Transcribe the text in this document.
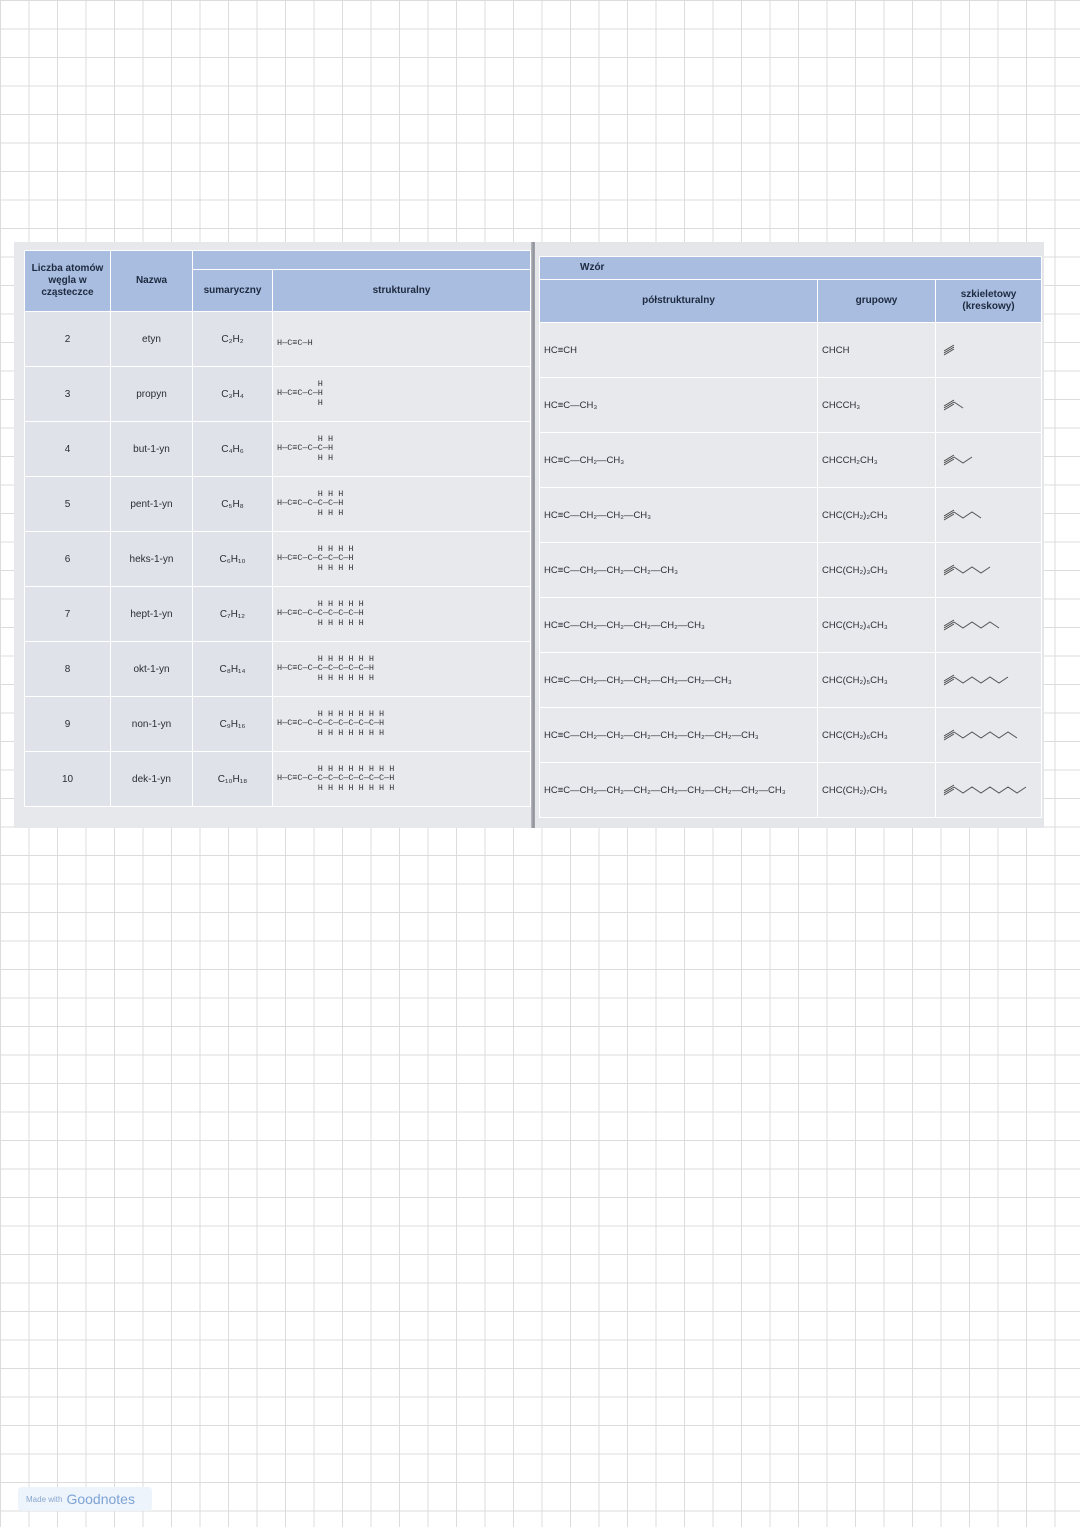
Liczba atomów węgla w cząsteczce	Nazwa		
		sumaryczny	strukturalny
2	etyn	C₂H₂	
H—C≡C—H

3	propyn	C₃H₄	H
H—C≡C—C—H
H
4	but-1-yn	C₄H₆	H H
H—C≡C—C—C—H
H H
5	pent-1-yn	C₅H₈	H H H
H—C≡C—C—C—C—H
H H H
6	heks-1-yn	C₆H₁₀	H H H H
H—C≡C—C—C—C—C—H
H H H H
7	hept-1-yn	C₇H₁₂	H H H H H
H—C≡C—C—C—C—C—C—H
H H H H H
8	okt-1-yn	C₈H₁₄	H H H H H H
H—C≡C—C—C—C—C—C—C—H
H H H H H H
9	non-1-yn	C₉H₁₆	H H H H H H H
H—C≡C—C—C—C—C—C—C—C—H
H H H H H H H
10	dek-1-yn	C₁₀H₁₈	H H H H H H H H
H—C≡C—C—C—C—C—C—C—C—C—H
H H H H H H H H
Wzór		
półstrukturalny	grupowy	szkieletowy (kreskowy)
HC≡CH	CHCH	

HC≡C—CH₃	CHCCH₃	

HC≡C—CH₂—CH₃	CHCCH₂CH₃	

HC≡C—CH₂—CH₂—CH₃	CHC(CH₂)₂CH₃	

HC≡C—CH₂—CH₂—CH₂—CH₃	CHC(CH₂)₃CH₃	

HC≡C—CH₂—CH₂—CH₂—CH₂—CH₃	CHC(CH₂)₄CH₃	

HC≡C—CH₂—CH₂—CH₂—CH₂—CH₂—CH₃	CHC(CH₂)₅CH₃	

HC≡C—CH₂—CH₂—CH₂—CH₂—CH₂—CH₂—CH₃	CHC(CH₂)₆CH₃	

HC≡C—CH₂—CH₂—CH₂—CH₂—CH₂—CH₂—CH₂—CH₃	CHC(CH₂)₇CH₃	
Made with Goodnotes
